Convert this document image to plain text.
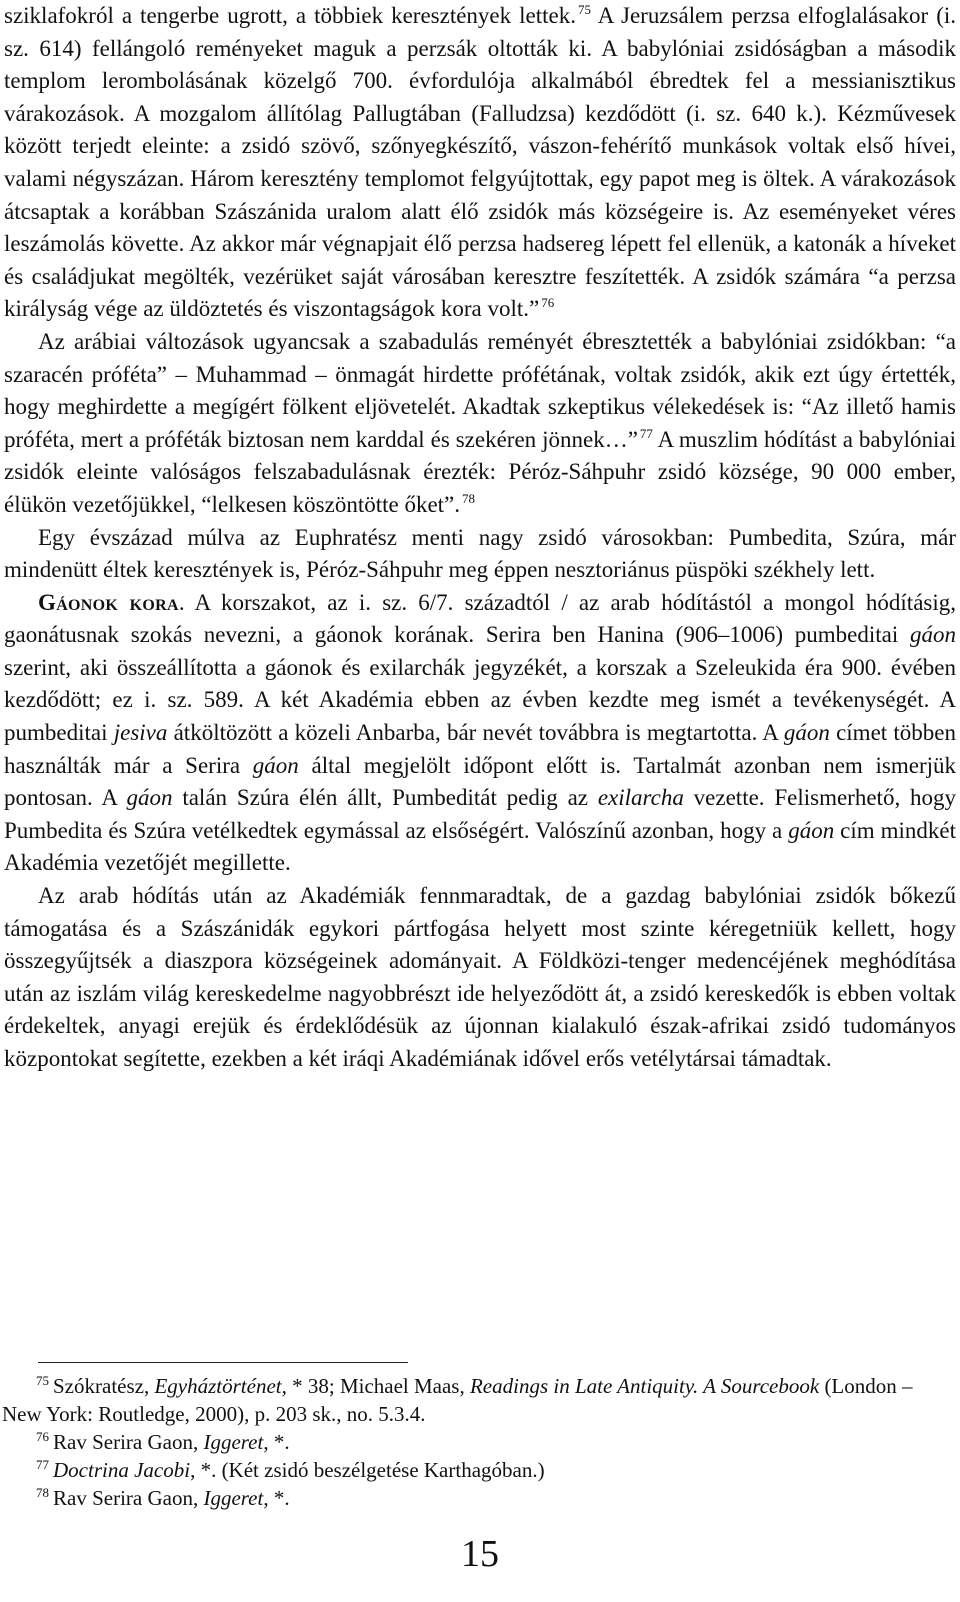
sziklafokról a tengerbe ugrott, a többiek keresztények lettek. $^{75}$ A Jeruzsálem perzsa elfoglalásakor (i. sz. 614) fellángoló reményeket maguk a perzsák oltották ki. A babylóniai zsidóságban a második templom lerombolásának közelgő 700. évfordulója alkalmából ébredtek fel a messianisztikus várakozások. A mozgalom állítólag Pallugtában (Falludzsa) kezdődött (i. sz. 640 k.). Kézművesek között terjedt eleinte: a zsidó szövő, szőnyegkészítő, vászon-fehérítő munkások voltak első hívei, valami négyszázan. Három keresztény templomot felgyújtottak, egy papot meg is öltek. A várakozások átcsaptak a korábban Szászánida uralom alatt élő zsidók más községeire is. Az eseményeket véres leszámolás követte. Az akkor már végnapjait élő perzsa hadsereg lépett fel ellenük, a katonák a híveket és családjukat megölték, vezérüket saját városában keresztre feszítették. A zsidók számára “a perzsa királyság vége az üldöztetés és viszontagságok kora volt.” $^{76}$

Az arábiai változások ugyancsak a szabadulás reményét ébresztették a babylóniai zsidókban: “a szaracén próféta” – Muhammad – önmagát hirdette prófétának, voltak zsidók, akik ezt úgy értették, hogy meghirdette a megígért fölkent eljövetelét. Akadtak szkeptikus vélekedések is: “Az illető hamis próféta, mert a próféták biztosan nem karddal és szekéren jönnek…” $^{77}$ A muszlim hódítást a babylóniai zsidók eleinte valóságos felszabadulásnak érezték: Péróz-Sáhpuhr zsidó községe, 90 000 ember, élükön vezetőjükkel, “lelkesen köszöntötte őket”. $^{78}$

Egy évszázad múlva az Euphratész menti nagy zsidó városokban: Pumbedita, Szúra, már mindenütt éltek keresztények is, Péróz-Sáhpuhr meg éppen nesztoriánus püspöki székhely lett.

Gáonok kora. A korszakot, az i. sz. 6/7. századtól / az arab hódítástól a mongol hódításig, gaonátusnak szokás nevezni, a gáonok korának. Serira ben Hanina (906–1006) pumbeditai gáon szerint, aki összeállította a gáonok és exilarchák jegyzékét, a korszak a Szeleukida éra 900. évében kezdődött; ez i. sz. 589. A két Akadémia ebben az évben kezdte meg ismét a tevékenységét. A pumbeditai jesiva átköltözött a közeli Anbarba, bár nevét továbbra is megtartotta. A gáon címet többen használták már a Serira gáon által megjelölt időpont előtt is. Tartalmát azonban nem ismerjük pontosan. A gáon talán Szúra élén állt, Pumbeditát pedig az exilarcha vezette. Felismerhető, hogy Pumbedita és Szúra vetélkedtek egymással az elsőségért. Valószínű azonban, hogy a gáon cím mindkét Akadémia vezetőjét megillette.

Az arab hódítás után az Akadémiák fennmaradtak, de a gazdag babylóniai zsidók bőkezű támogatása és a Szászánidák egykori pártfogása helyett most szinte kéregetniük kellett, hogy összegyűjtsék a diaszpora községeinek adományait. A Földközi-tenger medencéjének meghódítása után az iszlám világ kereskedelme nagyobbrészt ide helyeződött át, a zsidó kereskedők is ebben voltak érdekeltek, anyagi erejük és érdeklődésük az újonnan kialakuló észak-afrikai zsidó tudományos központokat segítette, ezekben a két iráqi Akadémiának idővel erős vetélytársai támadtak.

$^{75}$ Szókratész, Egyháztörténet, * 38; Michael Maas, Readings in Late Antiquity. A Sourcebook (London – New York: Routledge, 2000), p. 203 sk., no. 5.3.4.

$^{76}$ Rav Serira Gaon, Iggeret, *.

$^{77}$ Doctrina Jacobi, *. (Két zsidó beszélgetése Karthagóban.)

$^{78}$ Rav Serira Gaon, Iggeret, *.

15
